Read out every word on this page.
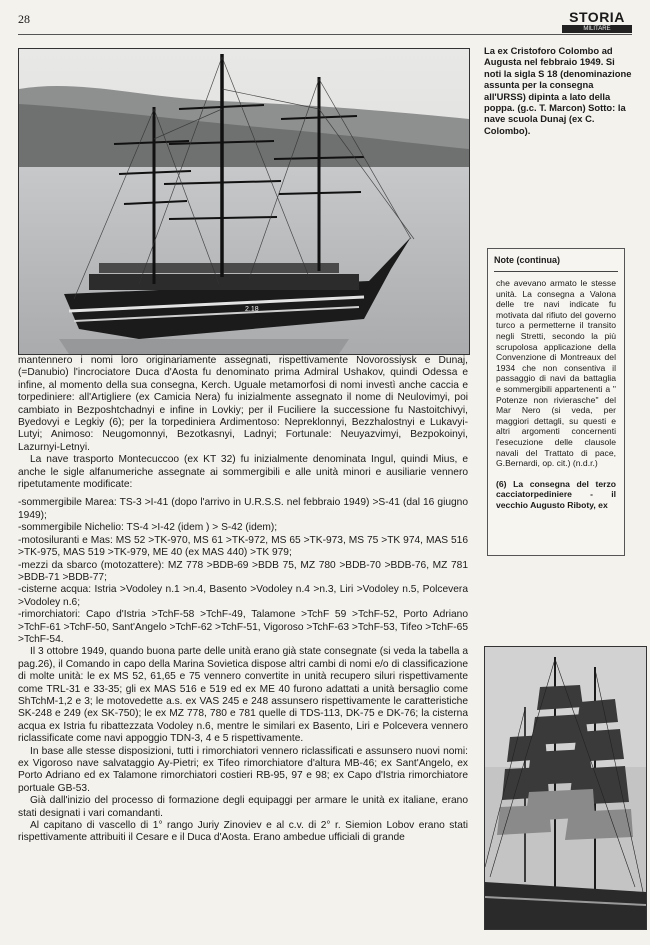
28	STORIA
MILITARE
2.18
La ex Cristoforo Colombo ad Augusta nel febbraio 1949. Si noti la sigla S 18 (denominazione assunta per la consegna all'URSS) dipinta a lato della poppa. (g.c. T. Marcon) Sotto: la nave scuola Dunaj (ex C. Colombo).
Note (continua)
che avevano armato le stesse unità. La consegna a Valona delle tre navi indicate fu motivata dal rifiuto del governo turco a permetterne il transito negli Stretti, secondo la più scrupolosa applicazione della Convenzione di Montreaux del 1934 che non consentiva il passaggio di navi da battaglia e sommergibili appartenenti a " Potenze non rivierasche" del Mar Nero (si veda, per maggiori dettagli, su questi e altri argomenti concernenti l'esecuzione delle clausole navali del Trattato di pace, G.Bernardi, op. cit.) (n.d.r.)
(6) La consegna del terzo cacciatorpediniere - il vecchio Augusto Riboty, ex

mantennero i nomi loro originariamente assegnati, rispettivamente Novorossiysk e Dunaj, (=Danubio) l'incrociatore Duca d'Aosta fu denominato prima Admiral Ushakov, quindi Odessa e infine, al momento della sua consegna, Kerch. Uguale metamorfosi di nomi investì anche caccia e torpediniere: all'Artigliere (ex Camicia Nera) fu inizialmente assegnato il nome di Neulovimyi, poi cambiato in Bezposhtchadnyi e infine in Lovkiy; per il Fuciliere la successione fu Nastoitchivyi, Byedovyi e Legkiy (6); per la torpediniera Ardimentoso: Nepreklonnyi, Bezzhalostnyi e Lukavyi-Lutyi; Animoso: Neugomonnyi, Bezotkasnyi, Ladnyi; Fortunale: Neuyazvimyi, Bezpokoinyi, Lazurnyi-Letnyi.

La nave trasporto Montecuccoo (ex KT 32) fu inizialmente denominata Ingul, quindi Mius, e anche le sigle alfanumeriche assegnate ai sommergibili e alle unità minori e ausiliarie vennero ripetutamente modificate:

-sommergibile Marea: TS-3 >I-41 (dopo l'arrivo in U.R.S.S. nel febbraio 1949) >S-41 (dal 16 giugno 1949);
-sommergibile Nichelio: TS-4 >I-42 (idem ) > S-42 (idem);
-motosiluranti e Mas: MS 52 >TK-970, MS 61 >TK-972, MS 65 >TK-973, MS 75 >TK 974, MAS 516 >TK-975, MAS 519 >TK-979, ME 40 (ex MAS 440) >TK 979;
-mezzi da sbarco (motozattere): MZ 778 >BDB-69 >BDB 75, MZ 780 >BDB-70 >BDB-76, MZ 781 >BDB-71 >BDB-77;
-cisterne acqua: Istria >Vodoley n.1 >n.4, Basento >Vodoley n.4 >n.3, Liri >Vodoley n.5, Polcevera >Vodoley n.6;
-rimorchiatori: Capo d'Istria >TchF-58 >TchF-49, Talamone >TchF 59 >TchF-52, Porto Adriano >TchF-61 >TchF-50, Sant'Angelo >TchF-62 >TchF-51, Vigoroso >TchF-63 >TchF-53, Tifeo >TchF-65 >TchF-54.

Il 3 ottobre 1949, quando buona parte delle unità erano già state consegnate (si veda la tabella a pag.26), il Comando in capo della Marina Sovietica dispose altri cambi di nomi e/o di classificazione di molte unità: le ex MS 52, 61,65 e 75 vennero convertite in unità recupero siluri rispettivamente come TRL-31 e 33-35; gli ex MAS 516 e 519 ed ex ME 40 furono adattati a unità bersaglio come ShTchM-1,2 e 3; le motovedette a.s. ex VAS 245 e 248 assunsero rispettivamente le caratteristiche SK-248 e 249 (ex SK-750); le ex MZ 778, 780 e 781 quelle di TDS-113, DK-75 e DK-76; la cisterna acqua ex Istria fu ribattezzata Vodoley n.6, mentre le similari ex Basento, Liri e Polcevera vennero riclassificate come navi appoggio TDN-3, 4 e 5 rispettivamente.

In base alle stesse disposizioni, tutti i rimorchiatori vennero riclassificati e assunsero nuovi nomi: ex Vigoroso nave salvataggio Ay-Pietri; ex Tifeo rimorchiatore d'altura MB-46; ex Sant'Angelo, ex Porto Adriano ed ex Talamone rimorchiatori costieri RB-95, 97 e 98; ex Capo d'Istria rimorchiatore portuale GB-53.

Già dall'inizio del processo di formazione degli equipaggi per armare le unità ex italiane, erano stati designati i vari comandanti.

Al capitano di vascello di 1° rango Juriy Zinoviev e al c.v. di 2° r. Siemion Lobov erano stati rispettivamente attribuiti il Cesare e il Duca d'Aosta. Erano ambedue ufficiali di grande
